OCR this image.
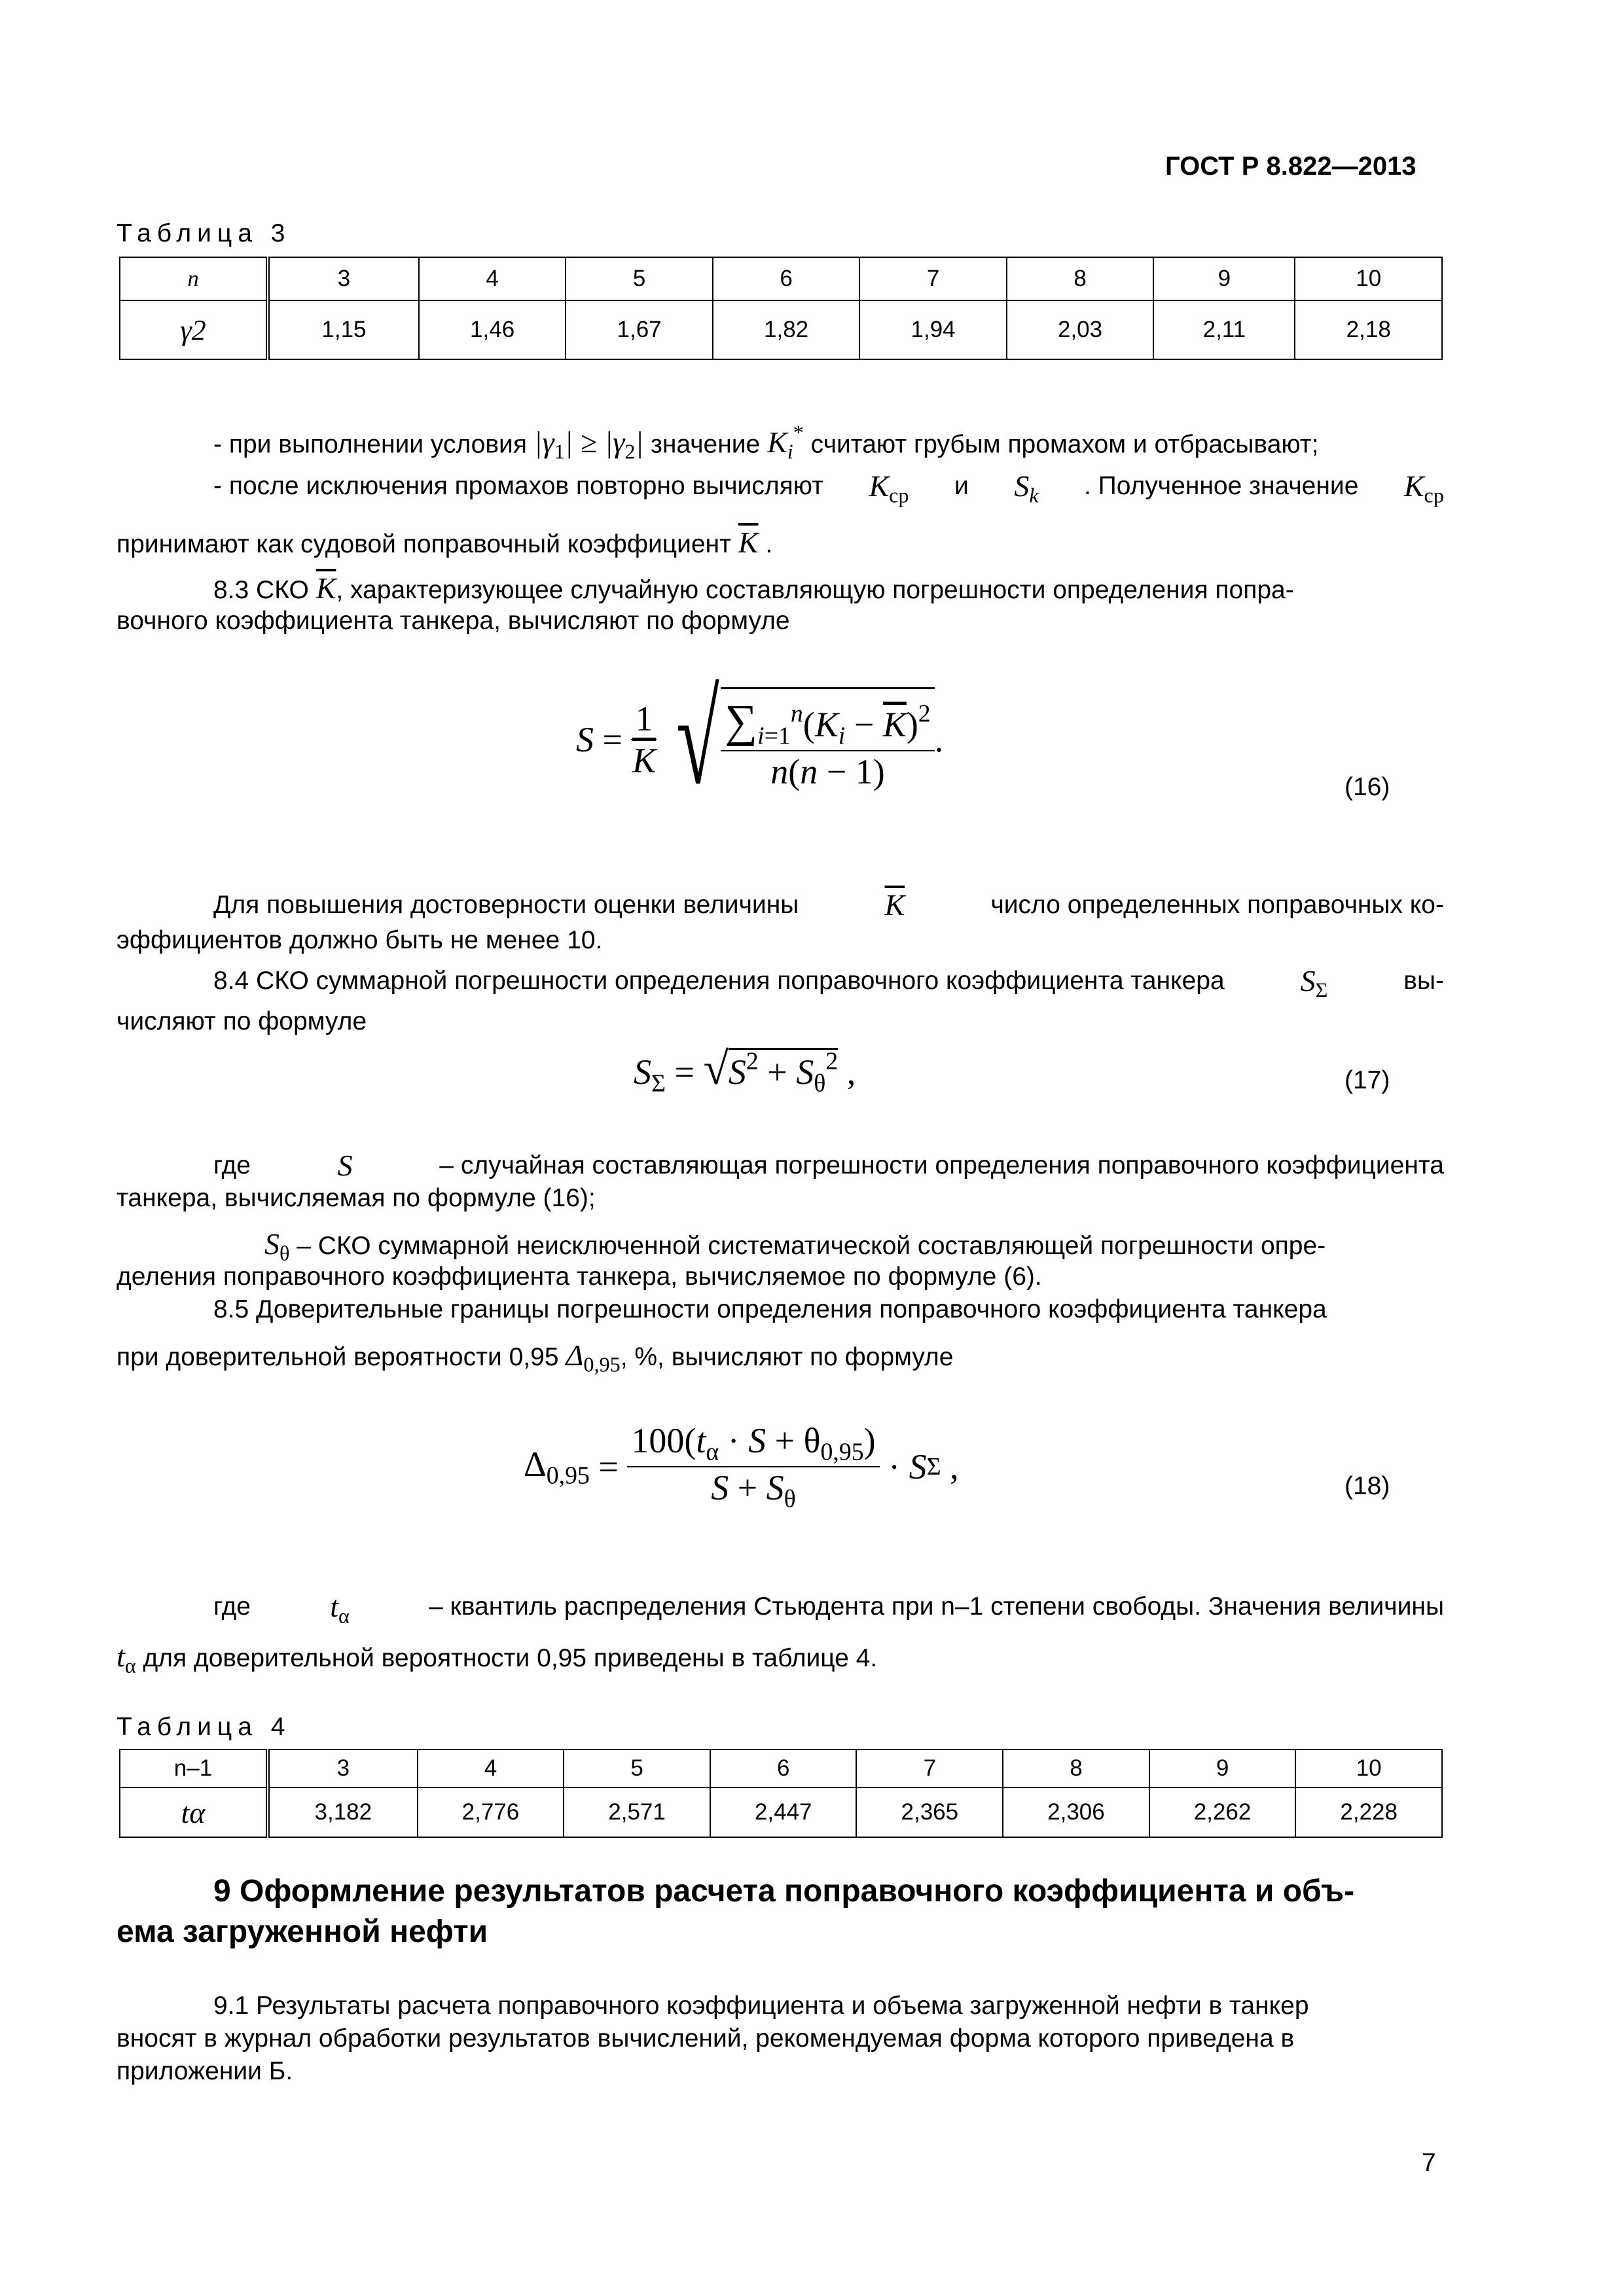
ГОСТ Р 8.822—2013
Таблица 3
n	3	4	5	6	7	8	9	10
γ2	1,15	1,46	1,67	1,82	1,94	2,03	2,11	2,18
- при выполнении условия $|\gamma_1| \ge |\gamma_2|$ значение $K_i^*$ считают грубым промахом и отбрасывают;
- после исключения промахов повторно вычисляют $K_{ср}$ и $S_k$ . Полученное значение $K_{ср}$
принимают как судовой поправочный коэффициент $\overline{K}$ .
8.3 СКО $\overline{K}$, характеризующее случайную составляющую погрешности определения попра-
вочного коэффициента танкера, вычисляют по формуле
$S = \frac{1}{K}$ √ $\frac{\sum_{i=1}^n(K_i - \overline{K})^2}{n(n - 1)}$ .
(16)
Для повышения достоверности оценки величины	$\overline{K}$	число определенных поправочных ко-
эффициентов должно быть не менее 10.
8.4 СКО суммарной погрешности определения поправочного коэффициента танкера	$S_\Sigma$	вы-
числяют по формуле
$S_\Sigma = √S^2 + S_\theta^2$ ,	(17)
где	S	– случайная составляющая погрешности определения поправочного коэффициента
танкера, вычисляемая по формуле (16);
$S_\theta$ – СКО суммарной неисключенной систематической составляющей погрешности опре-
деления поправочного коэффициента танкера, вычисляемое по формуле (6).
8.5 Доверительные границы погрешности определения поправочного коэффициента танкера
при доверительной вероятности 0,95 $\Delta_{0,95}$, %, вычисляют по формуле
$\Delta_{0,95} = \frac{100(t_\alpha \cdot S + \theta_{0,95})}{S + S_\theta} \cdot S$ Σ ,	(18)
где	$t_\alpha$	– квантиль распределения Стьюдента при n–1 степени свободы. Значения величины
$t_\alpha$ для доверительной вероятности 0,95 приведены в таблице 4.
Таблица 4
n–1	3	4	5	6	7	8	9	10
tα	3,182	2,776	2,571	2,447	2,365	2,306	2,262	2,228
9 Оформление результатов расчета поправочного коэффициента и объ-
ема загруженной нефти
9.1 Результаты расчета поправочного коэффициента и объема загруженной нефти в танкер
вносят в журнал обработки результатов вычислений, рекомендуемая форма которого приведена в
приложении Б.
7
